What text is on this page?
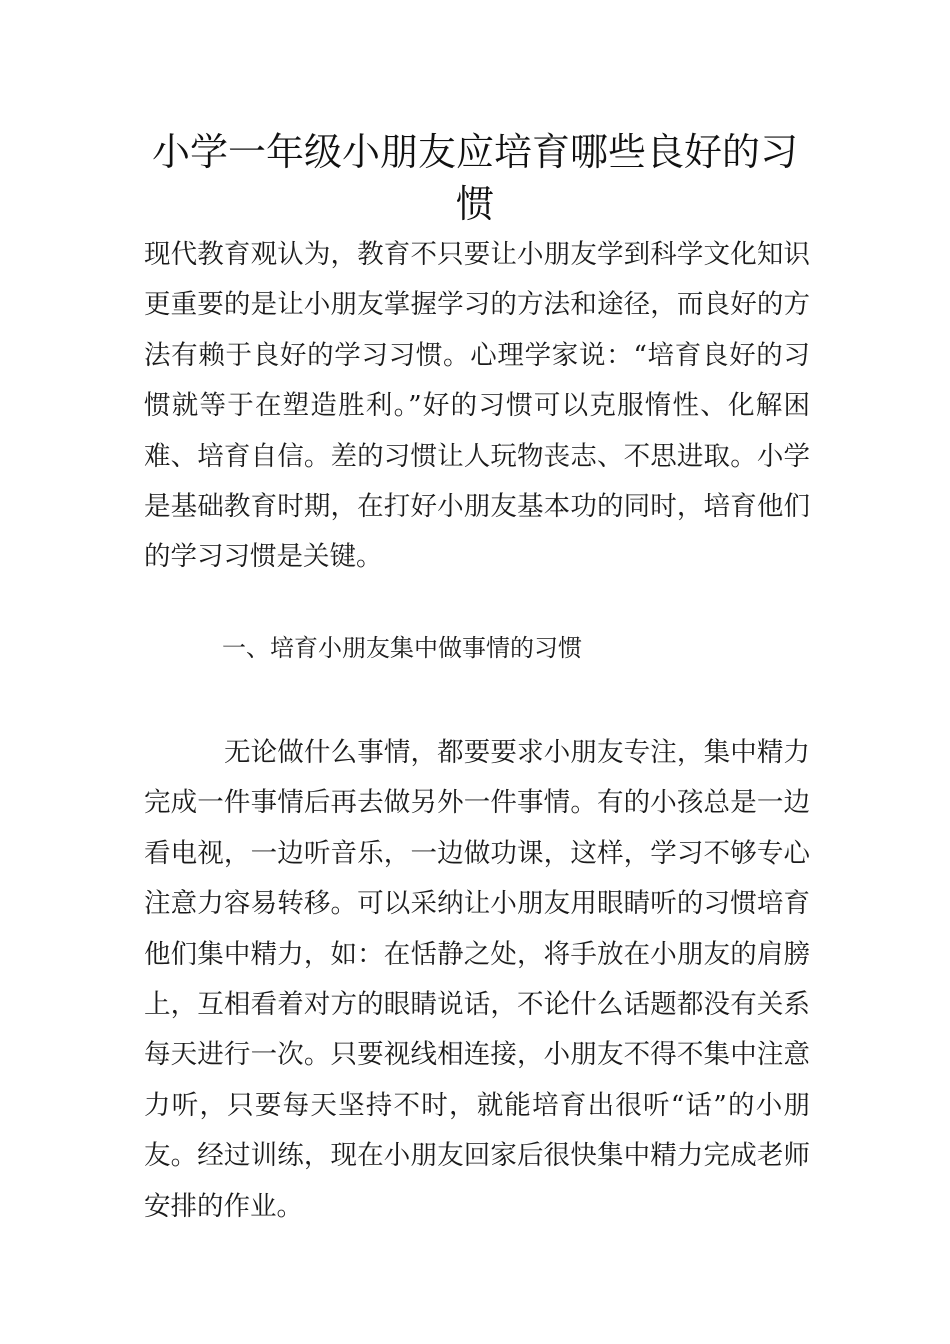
小学一年级小朋友应培育哪些良好的习惯

现代教育观认为，教育不只要让小朋友学到科学文化知识更重要的是让小朋友掌握学习的方法和途径，而良好的方法有赖于良好的学习习惯。心理学家说：“培育良好的习惯就等于在塑造胜利。”好的习惯可以克服惰性、化解困难、培育自信。差的习惯让人玩物丧志、不思进取。小学是基础教育时期，在打好小朋友基本功的同时，培育他们的学习习惯是关键。

一、培育小朋友集中做事情的习惯

无论做什么事情，都要要求小朋友专注，集中精力完成一件事情后再去做另外一件事情。有的小孩总是一边看电视，一边听音乐，一边做功课，这样，学习不够专心注意力容易转移。可以采纳让小朋友用眼睛听的习惯培育他们集中精力，如：在恬静之处，将手放在小朋友的肩膀上，互相看着对方的眼睛说话，不论什么话题都没有关系每天进行一次。只要视线相连接，小朋友不得不集中注意力听，只要每天坚持不时，就能培育出很听“话”的小朋友。经过训练，现在小朋友回家后很快集中精力完成老师安排的作业。
